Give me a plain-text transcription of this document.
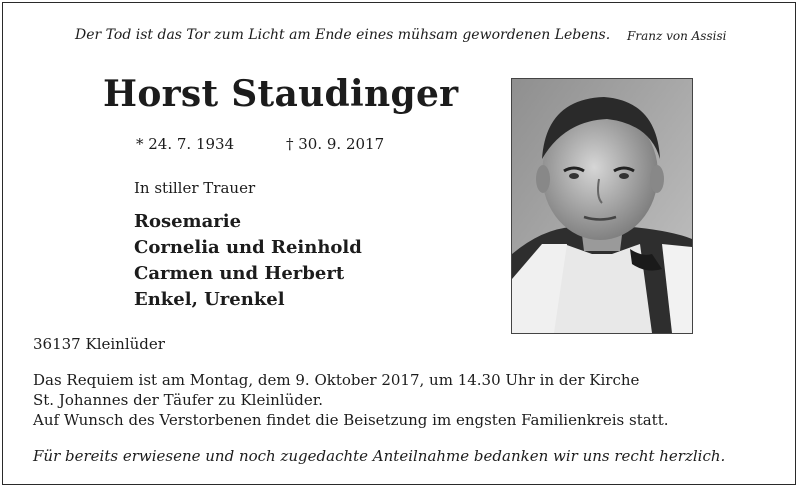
Der Tod ist das Tor zum Licht am Ende eines mühsam gewordenen Lebens. Franz von Assisi
Horst Staudinger
* 24. 7. 1934	† 30. 9. 2017
In stiller Trauer
Rosemarie
Cornelia und Reinhold
Carmen und Herbert
Enkel, Urenkel
36137 Kleinlüder
Das Requiem ist am Montag, dem 9. Oktober 2017, um 14.30 Uhr in der Kirche
St. Johannes der Täufer zu Kleinlüder.
Auf Wunsch des Verstorbenen findet die Beisetzung im engsten Familienkreis statt.
Für bereits erwiesene und noch zugedachte Anteilnahme bedanken wir uns recht herzlich.
